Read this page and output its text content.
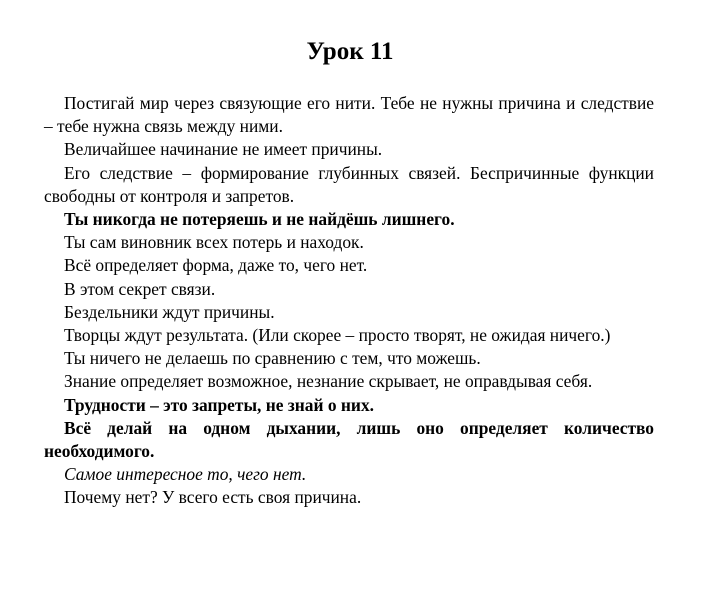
Урок 11

Постигай мир через связующие его нити. Тебе не нужны причина и следствие – тебе нужна связь между ними.

Величайшее начинание не имеет причины.

Его следствие – формирование глубинных связей. Беспричинные функции свободны от контроля и запретов.

Ты никогда не потеряешь и не найдёшь лишнего.

Ты сам виновник всех потерь и находок.

Всё определяет форма, даже то, чего нет.

В этом секрет связи.

Бездельники ждут причины.

Творцы ждут результата. (Или скорее – просто творят, не ожидая ничего.)

Ты ничего не делаешь по сравнению с тем, что можешь.

Знание определяет возможное, незнание скрывает, не оправдывая себя.

Трудности – это запреты, не знай о них.

Всё делай на одном дыхании, лишь оно определяет количество необходимого.

Самое интересное то, чего нет.

Почему нет? У всего есть своя причина.
